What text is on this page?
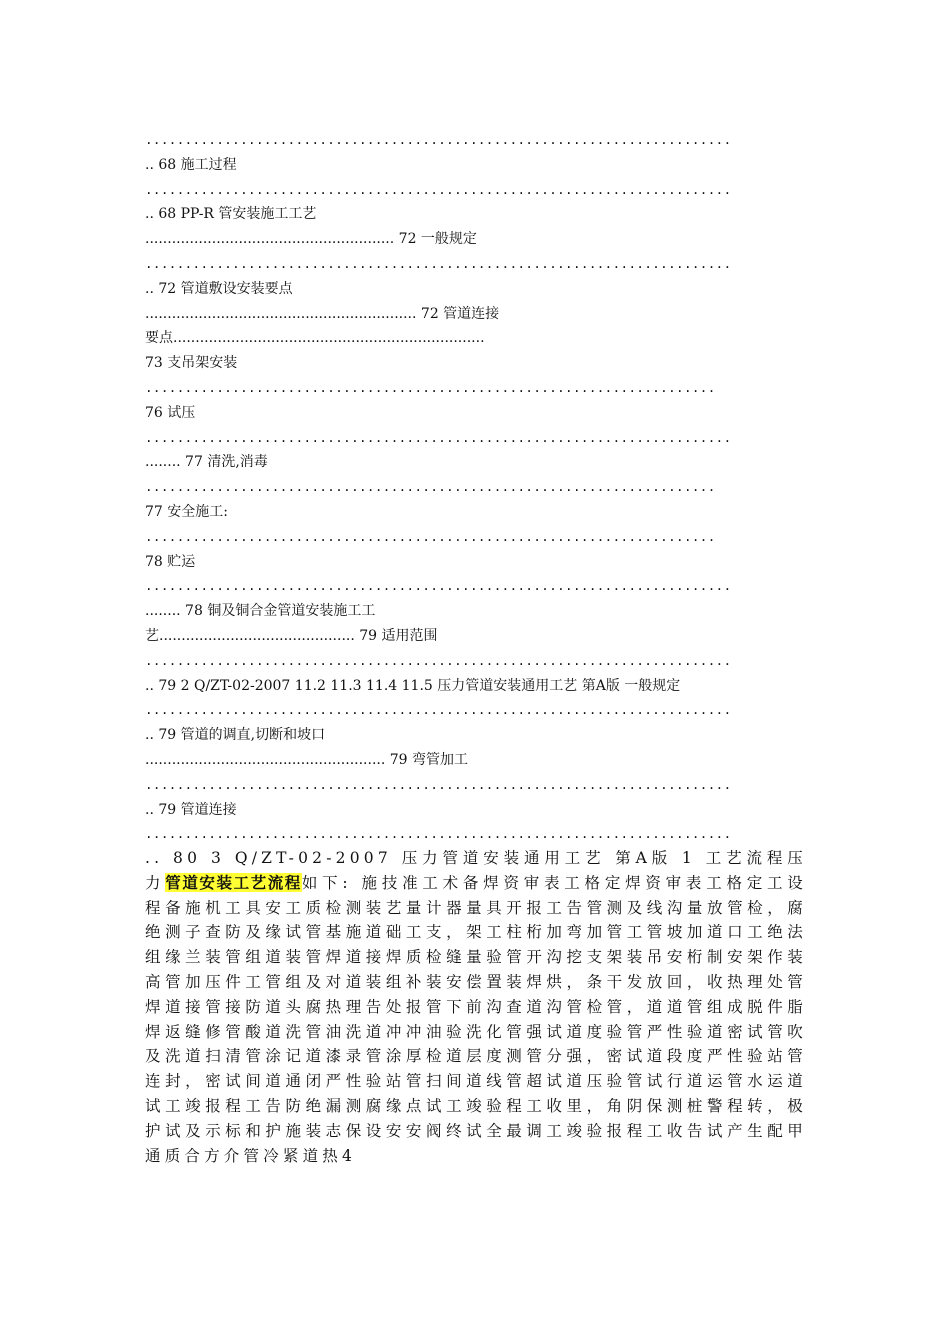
..........................................................................
.. 68 施工过程
..........................................................................
.. 68 PP-R 管安装施工工艺
........................................................ 72 一般规定
..........................................................................
.. 72 管道敷设安装要点
............................................................. 72 管道连接
要点......................................................................
73 支吊架安装
........................................................................
76 试压
..........................................................................
........ 77 清洗,消毒
........................................................................
77 安全施工:
........................................................................
78 贮运
..........................................................................
........ 78 铜及铜合金管道安装施工工
艺............................................ 79 适用范围
..........................................................................
.. 79 2 Q/ZT-02-2007 11.2 11.3 11.4 11.5 压力管道安装通用工艺 第A版 一般规定
..........................................................................
.. 79 管道的调直,切断和坡口
...................................................... 79 弯管加工
..........................................................................
.. 79 管道连接
..........................................................................
.. 80 3 Q/ZT-02-2007 压力管道安装通用工艺 第A版 1 工艺流程压力管道安装工艺流程如下: 施技准工术备焊资审表工格定焊资审表工格定工设程备施机工具安工质检测装艺量计器量具开报工告管测及线沟量放管检，腐绝测子查防及缘试管基施道础工支，架工柱桁加弯加管工管坡加道口工绝法组缘兰装管组道装管焊道接焊质检缝量验管开沟挖支架装吊安桁制安架作装高管加压件工管组及对道装组补装安偿置装焊烘，条干发放回，收热理处管焊道接管接防道头腐热理告处报管下前沟查道沟管检管，道道管组成脱件脂焊返缝修管酸道洗管油洗道冲冲油验洗化管强试道度验管严性验道密试管吹及洗道扫清管涂记道漆录管涂厚检道层度测管分强，密试道段度严性验站管连封，密试间道通闭严性验站管扫间道线管超试道压验管试行道运管水运道试工竣报程工告防绝漏测腐缘点试工竣验程工收里，角阴保测桩警程转，极护试及示标和护施装志保设安安阀终试全最调工竣验报程工收告试产生配甲通质合方介管冷紧道热4
